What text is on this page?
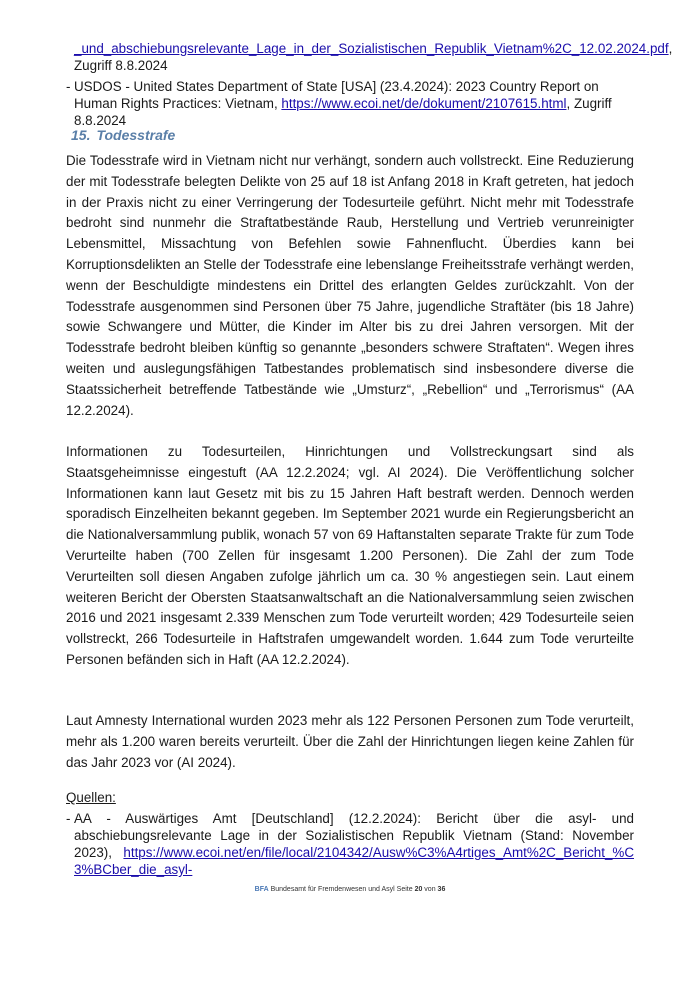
_und_abschiebungsrelevante_Lage_in_der_Sozialistischen_Republik_Vietnam%2C_12.02.2024.pdf, Zugriff 8.8.2024
- USDOS - United States Department of State [USA] (23.4.2024): 2023 Country Report on Human Rights Practices: Vietnam, https://www.ecoi.net/de/dokument/2107615.html, Zugriff 8.8.2024
15. Todesstrafe

Die Todesstrafe wird in Vietnam nicht nur verhängt, sondern auch vollstreckt. Eine Reduzierung der mit Todesstrafe belegten Delikte von 25 auf 18 ist Anfang 2018 in Kraft getreten, hat jedoch in der Praxis nicht zu einer Verringerung der Todesurteile geführt. Nicht mehr mit Todesstrafe bedroht sind nunmehr die Straftatbestände Raub, Herstellung und Vertrieb verunreinigter Lebensmittel, Missachtung von Befehlen sowie Fahnenflucht. Überdies kann bei Korruptionsdelikten an Stelle der Todesstrafe eine lebenslange Freiheitsstrafe verhängt werden, wenn der Beschuldigte mindestens ein Drittel des erlangten Geldes zurückzahlt. Von der Todesstrafe ausgenommen sind Personen über 75 Jahre, jugendliche Straftäter (bis 18 Jahre) sowie Schwangere und Mütter, die Kinder im Alter bis zu drei Jahren versorgen. Mit der Todesstrafe bedroht bleiben künftig so genannte „besonders schwere Straftaten“. Wegen ihres weiten und auslegungsfähigen Tatbestandes problematisch sind insbesondere diverse die Staatssicherheit betreffende Tatbestände wie „Umsturz“, „Rebellion“ und „Terrorismus“ (AA 12.2.2024).

Informationen zu Todesurteilen, Hinrichtungen und Vollstreckungsart sind als Staatsgeheimnisse eingestuft (AA 12.2.2024; vgl. AI 2024). Die Veröffentlichung solcher Informationen kann laut Gesetz mit bis zu 15 Jahren Haft bestraft werden. Dennoch werden sporadisch Einzelheiten bekannt gegeben. Im September 2021 wurde ein Regierungsbericht an die Nationalversammlung publik, wonach 57 von 69 Haftanstalten separate Trakte für zum Tode Verurteilte haben (700 Zellen für insgesamt 1.200 Personen). Die Zahl der zum Tode Verurteilten soll diesen Angaben zufolge jährlich um ca. 30 % angestiegen sein. Laut einem weiteren Bericht der Obersten Staatsanwaltschaft an die Nationalversammlung seien zwischen 2016 und 2021 insgesamt 2.339 Menschen zum Tode verurteilt worden; 429 Todesurteile seien vollstreckt, 266 Todesurteile in Haftstrafen umgewandelt worden. 1.644 zum Tode verurteilte Personen befänden sich in Haft (AA 12.2.2024).

Laut Amnesty International wurden 2023 mehr als 122 Personen Personen zum Tode verurteilt, mehr als 1.200 waren bereits verurteilt. Über die Zahl der Hinrichtungen liegen keine Zahlen für das Jahr 2023 vor (AI 2024).

Quellen:
- AA - Auswärtiges Amt [Deutschland] (12.2.2024): Bericht über die asyl- und abschiebungsrelevante Lage in der Sozialistischen Republik Vietnam (Stand: November 2023), https://www.ecoi.net/en/file/local/2104342/Ausw%C3%A4rtiges_Amt%2C_Bericht_%C3%BCber_die_asyl-
BFA Bundesamt für Fremdenwesen und Asyl Seite 20 von 36
